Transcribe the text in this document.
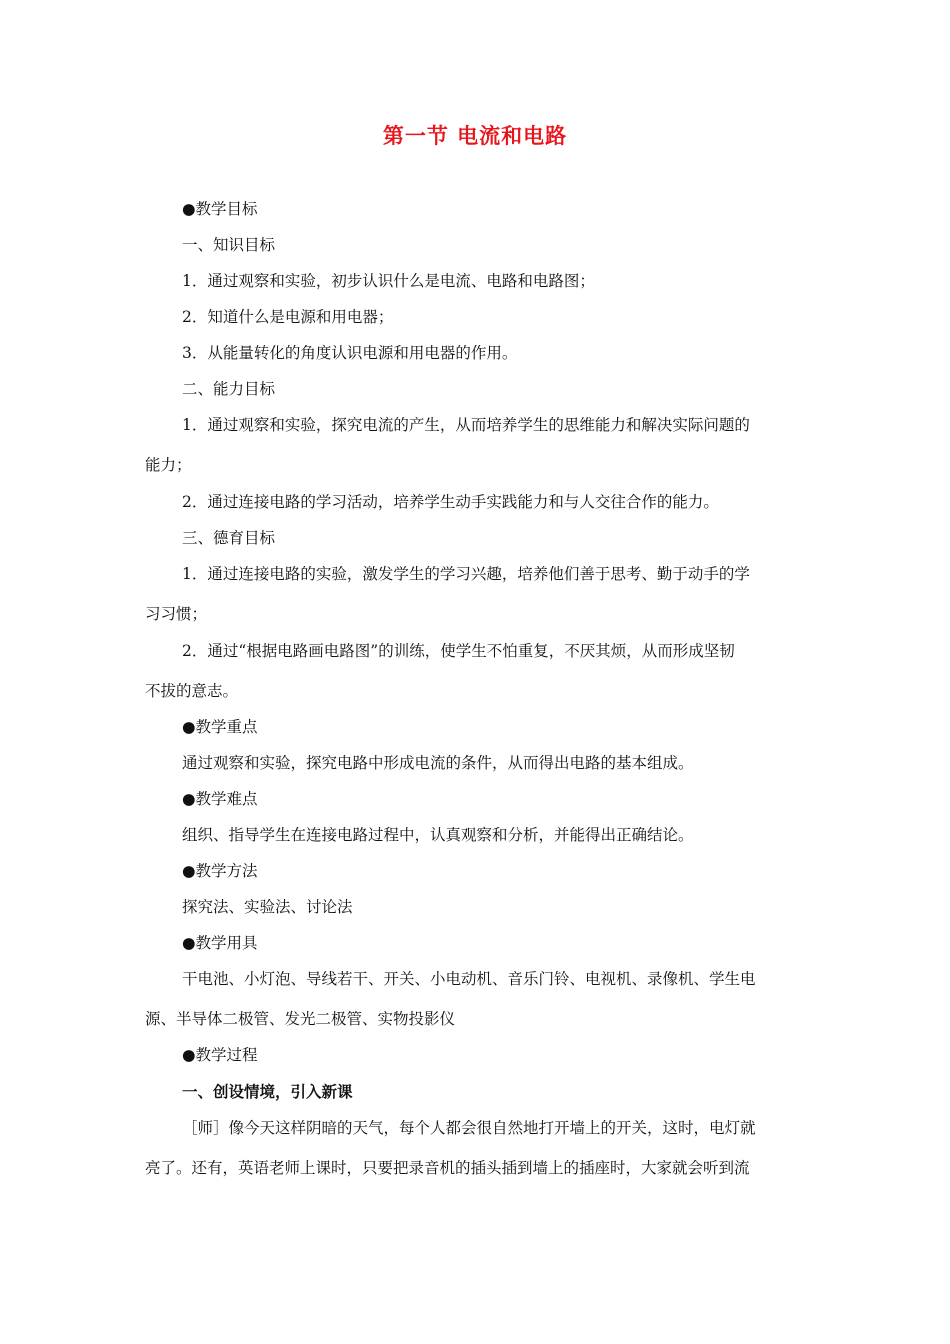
第一节 电流和电路
●教学目标
一、知识目标
1．通过观察和实验，初步认识什么是电流、电路和电路图；
2．知道什么是电源和用电器；
3．从能量转化的角度认识电源和用电器的作用。
二、能力目标
1．通过观察和实验，探究电流的产生，从而培养学生的思维能力和解决实际问题的
能力；
2．通过连接电路的学习活动，培养学生动手实践能力和与人交往合作的能力。
三、德育目标
1．通过连接电路的实验，激发学生的学习兴趣，培养他们善于思考、勤于动手的学
习习惯；
2．通过“根据电路画电路图”的训练，使学生不怕重复，不厌其烦，从而形成坚韧
不拔的意志。
●教学重点
通过观察和实验，探究电路中形成电流的条件，从而得出电路的基本组成。
●教学难点
组织、指导学生在连接电路过程中，认真观察和分析，并能得出正确结论。
●教学方法
探究法、实验法、讨论法
●教学用具
干电池、小灯泡、导线若干、开关、小电动机、音乐门铃、电视机、录像机、学生电
源、半导体二极管、发光二极管、实物投影仪
●教学过程
一、创设情境，引入新课
［师］像今天这样阴暗的天气，每个人都会很自然地打开墙上的开关，这时，电灯就
亮了。还有，英语老师上课时，只要把录音机的插头插到墙上的插座时，大家就会听到流
